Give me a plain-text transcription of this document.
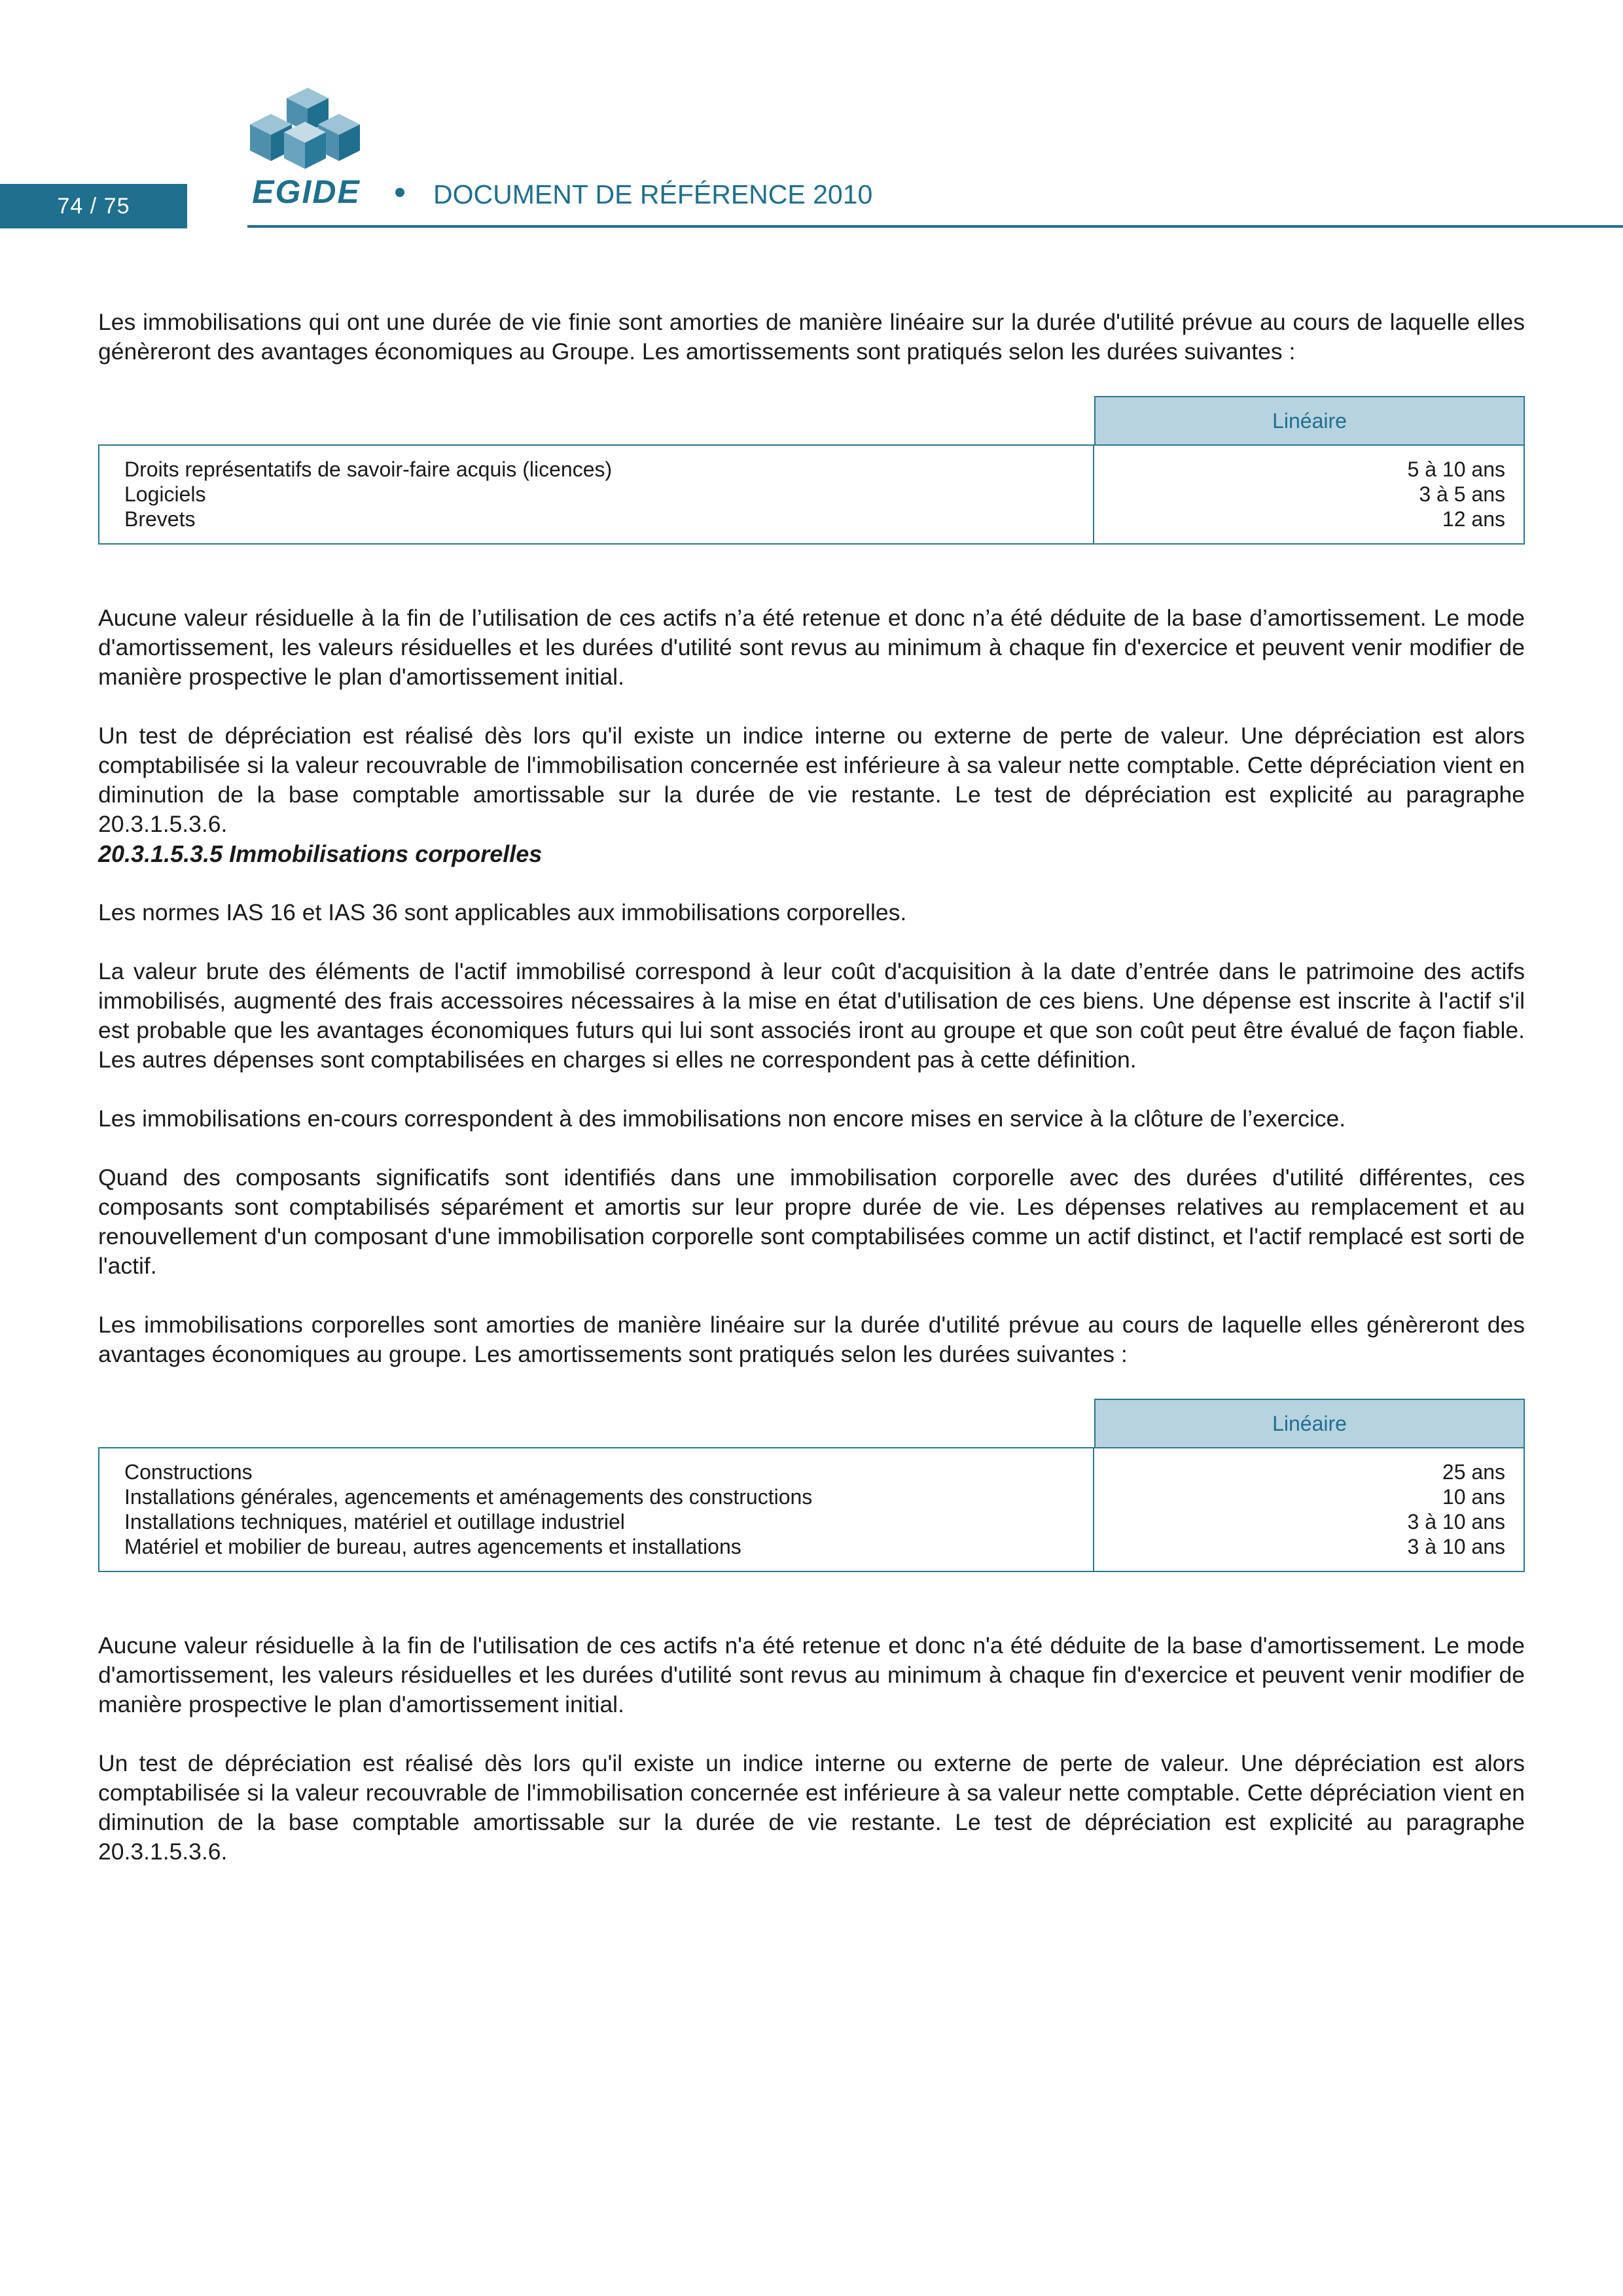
74 / 75	EGIDE	DOCUMENT DE RÉFÉRENCE 2010

Les immobilisations qui ont une durée de vie finie sont amorties de manière linéaire sur la durée d'utilité prévue au cours de laquelle elles génèreront des avantages économiques au Groupe. Les amortissements sont pratiqués selon les durées suivantes :

Linéaire
Droits représentatifs de savoir-faire acquis (licences)
Logiciels
Brevets
5 à 10 ans
3 à 5 ans
12 ans

Aucune valeur résiduelle à la fin de l’utilisation de ces actifs n’a été retenue et donc n’a été déduite de la base d’amortissement. Le mode d'amortissement, les valeurs résiduelles et les durées d'utilité sont revus au minimum à chaque fin d'exercice et peuvent venir modifier de manière prospective le plan d'amortissement initial.

Un test de dépréciation est réalisé dès lors qu'il existe un indice interne ou externe de perte de valeur. Une dépréciation est alors comptabilisée si la valeur recouvrable de l'immobilisation concernée est inférieure à sa valeur nette comptable. Cette dépréciation vient en diminution de la base comptable amortissable sur la durée de vie restante. Le test de dépréciation est explicité au paragraphe 20.3.1.5.3.6.

20.3.1.5.3.5 Immobilisations corporelles

Les normes IAS 16 et IAS 36 sont applicables aux immobilisations corporelles.

La valeur brute des éléments de l'actif immobilisé correspond à leur coût d'acquisition à la date d’entrée dans le patrimoine des actifs immobilisés, augmenté des frais accessoires nécessaires à la mise en état d'utilisation de ces biens. Une dépense est inscrite à l'actif s'il est probable que les avantages économiques futurs qui lui sont associés iront au groupe et que son coût peut être évalué de façon fiable. Les autres dépenses sont comptabilisées en charges si elles ne correspondent pas à cette définition.

Les immobilisations en-cours correspondent à des immobilisations non encore mises en service à la clôture de l’exercice.

Quand des composants significatifs sont identifiés dans une immobilisation corporelle avec des durées d'utilité différentes, ces composants sont comptabilisés séparément et amortis sur leur propre durée de vie. Les dépenses relatives au remplacement et au renouvellement d'un composant d'une immobilisation corporelle sont comptabilisées comme un actif distinct, et l'actif remplacé est sorti de l'actif.

Les immobilisations corporelles sont amorties de manière linéaire sur la durée d'utilité prévue au cours de laquelle elles génèreront des avantages économiques au groupe. Les amortissements sont pratiqués selon les durées suivantes :

Linéaire
Constructions
Installations générales, agencements et aménagements des constructions
Installations techniques, matériel et outillage industriel
Matériel et mobilier de bureau, autres agencements et installations
25 ans
10 ans
3 à 10 ans
3 à 10 ans

Aucune valeur résiduelle à la fin de l'utilisation de ces actifs n'a été retenue et donc n'a été déduite de la base d'amortissement. Le mode d'amortissement, les valeurs résiduelles et les durées d'utilité sont revus au minimum à chaque fin d'exercice et peuvent venir modifier de manière prospective le plan d'amortissement initial.

Un test de dépréciation est réalisé dès lors qu'il existe un indice interne ou externe de perte de valeur. Une dépréciation est alors comptabilisée si la valeur recouvrable de l'immobilisation concernée est inférieure à sa valeur nette comptable. Cette dépréciation vient en diminution de la base comptable amortissable sur la durée de vie restante. Le test de dépréciation est explicité au paragraphe 20.3.1.5.3.6.
